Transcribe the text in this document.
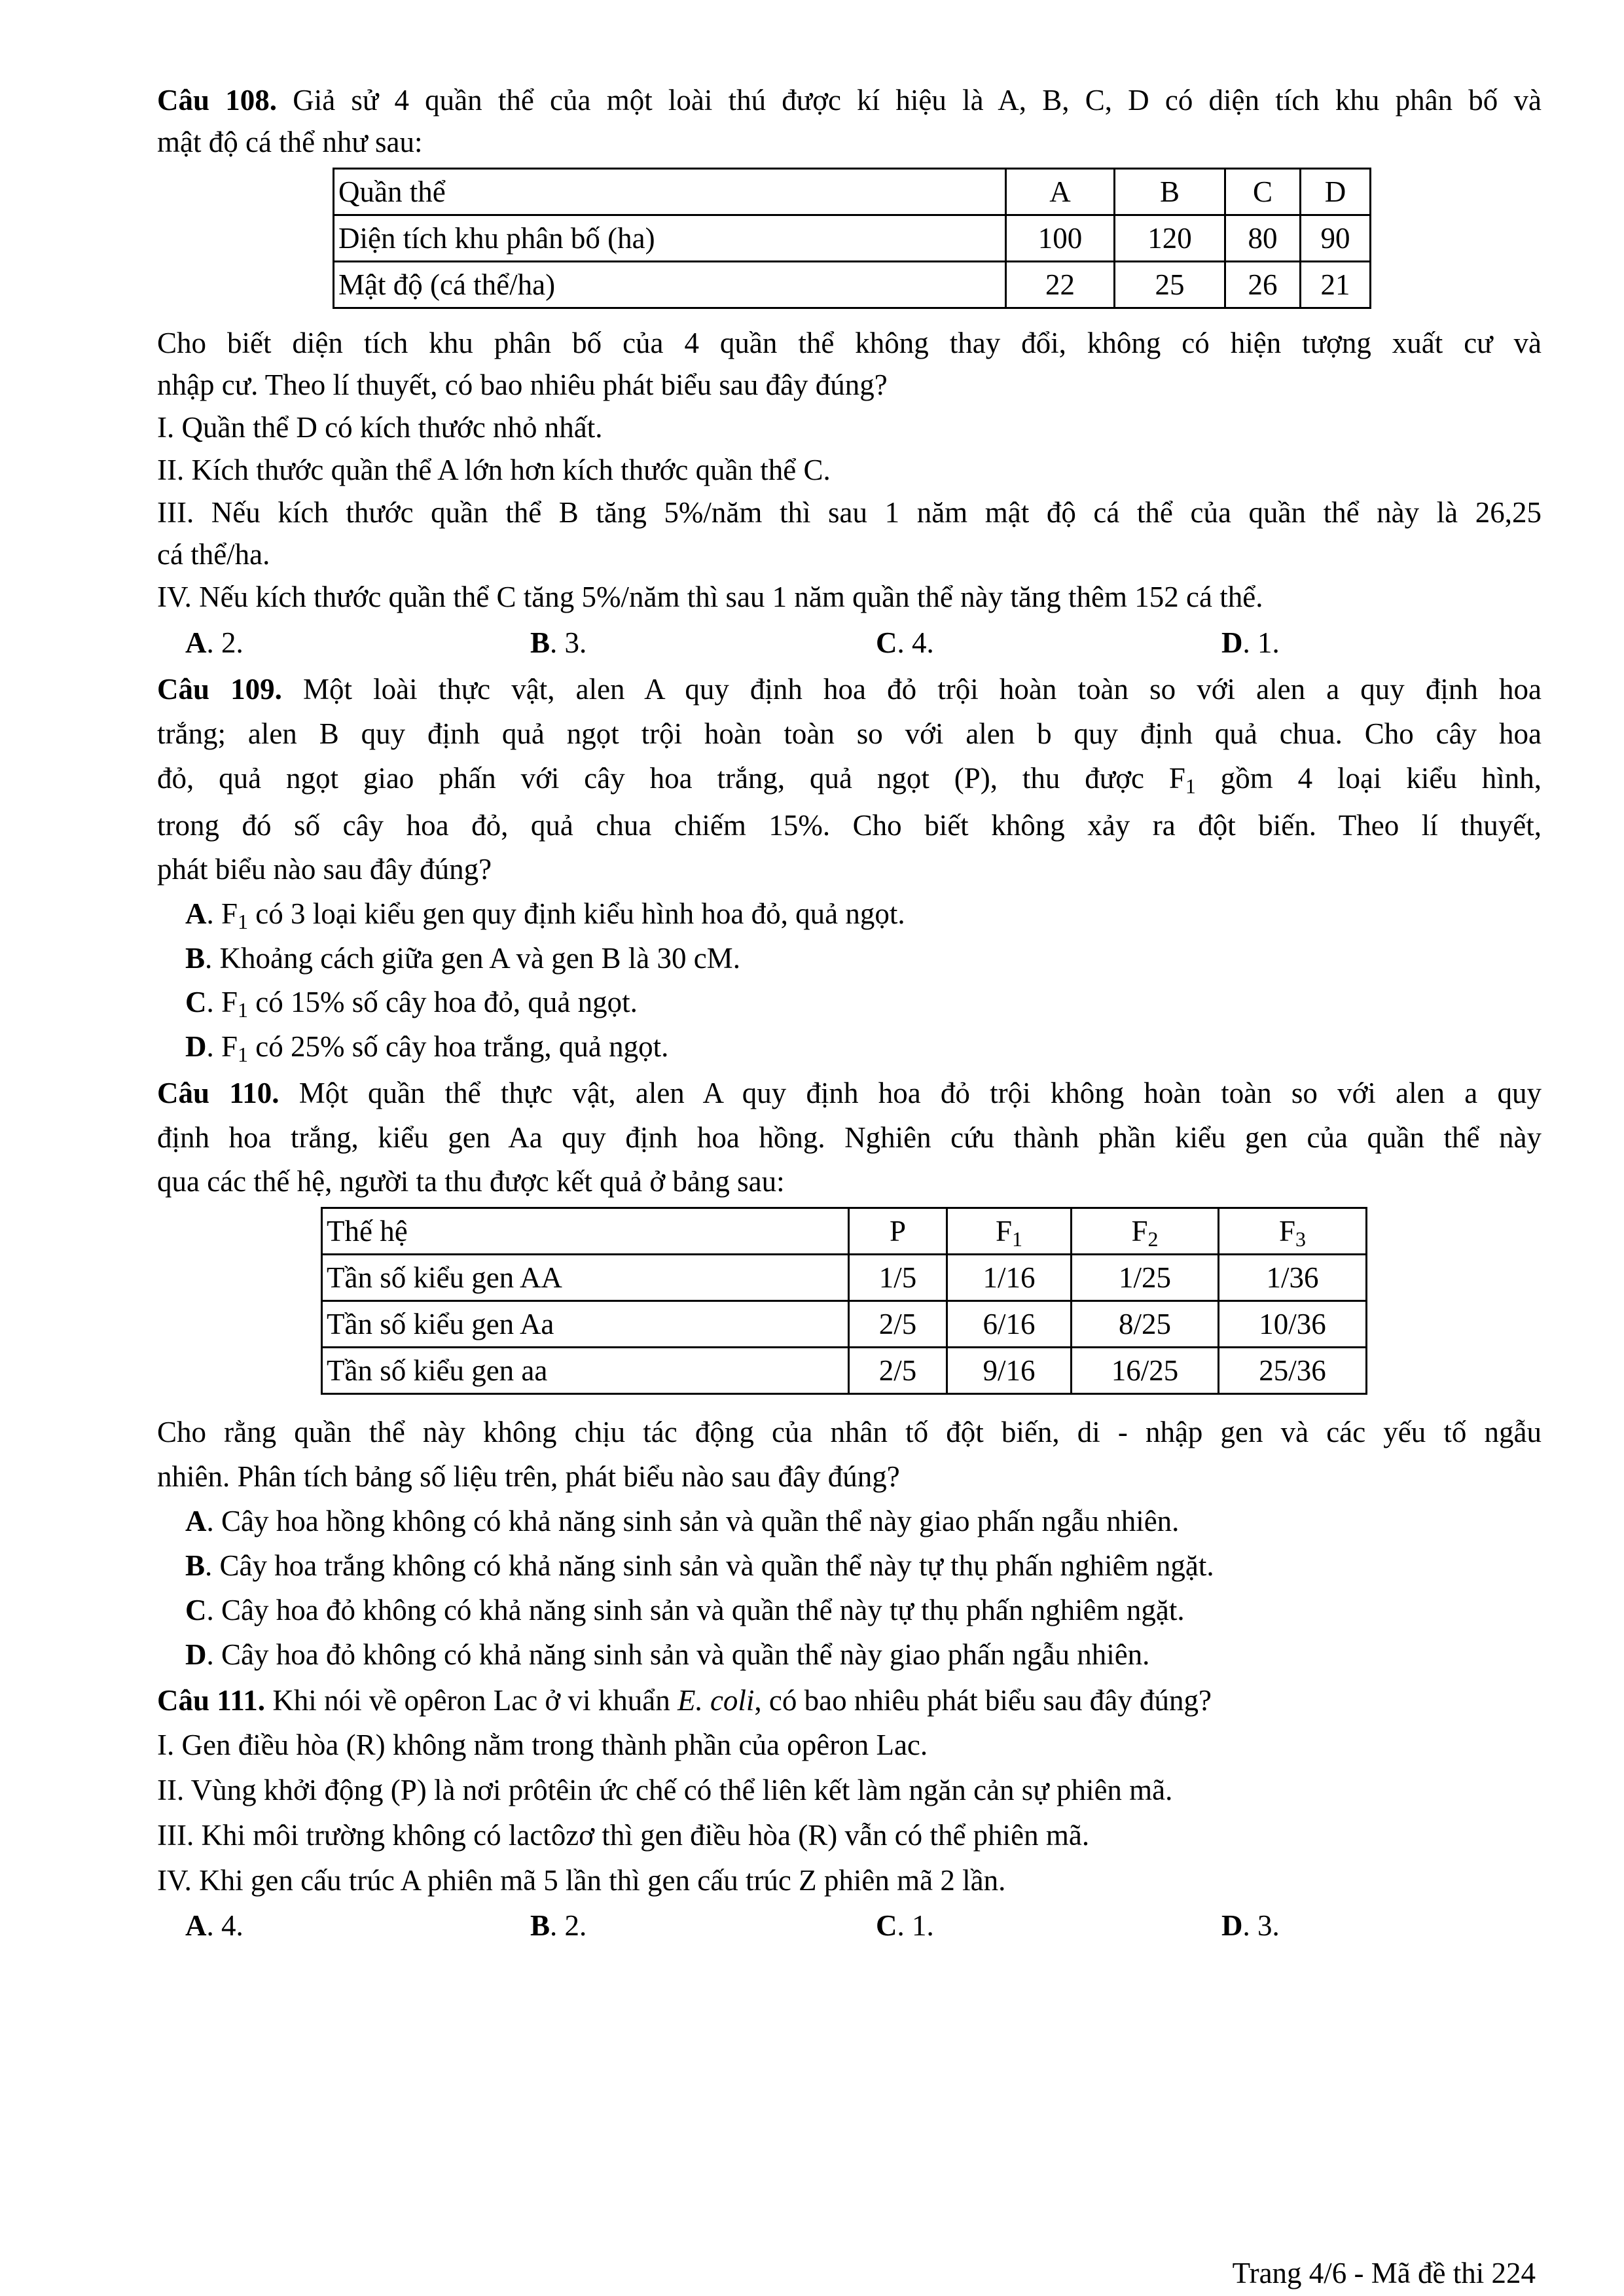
Câu 108. Giả sử 4 quần thể của một loài thú được kí hiệu là A, B, C, D có diện tích khu phân bố và
mật độ cá thể như sau:
Quần thể	A	B	C	D
Diện tích khu phân bố (ha)	100	120	80	90
Mật độ (cá thể/ha)	22	25	26	21
Cho biết diện tích khu phân bố của 4 quần thể không thay đổi, không có hiện tượng xuất cư và
nhập cư. Theo lí thuyết, có bao nhiêu phát biểu sau đây đúng?
I. Quần thể D có kích thước nhỏ nhất.
II. Kích thước quần thể A lớn hơn kích thước quần thể C.
III. Nếu kích thước quần thể B tăng 5%/năm thì sau 1 năm mật độ cá thể của quần thể này là 26,25
cá thể/ha.
IV. Nếu kích thước quần thể C tăng 5%/năm thì sau 1 năm quần thể này tăng thêm 152 cá thể.
A. 2.	B. 3.	C. 4.	D. 1.
Câu 109. Một loài thực vật, alen A quy định hoa đỏ trội hoàn toàn so với alen a quy định hoa
trắng; alen B quy định quả ngọt trội hoàn toàn so với alen b quy định quả chua. Cho cây hoa
đỏ, quả ngọt giao phấn với cây hoa trắng, quả ngọt (P), thu được $F_1$ gồm 4 loại kiểu hình,
trong đó số cây hoa đỏ, quả chua chiếm 15%. Cho biết không xảy ra đột biến. Theo lí thuyết,
phát biểu nào sau đây đúng?
A. $F_1$ có 3 loại kiểu gen quy định kiểu hình hoa đỏ, quả ngọt.
B. Khoảng cách giữa gen A và gen B là 30 cM.
C. $F_1$ có 15% số cây hoa đỏ, quả ngọt.
D. $F_1$ có 25% số cây hoa trắng, quả ngọt.
Câu 110. Một quần thể thực vật, alen A quy định hoa đỏ trội không hoàn toàn so với alen a quy
định hoa trắng, kiểu gen Aa quy định hoa hồng. Nghiên cứu thành phần kiểu gen của quần thể này
qua các thế hệ, người ta thu được kết quả ở bảng sau:
Thế hệ	P	$F_1$	$F_2$	$F_3$
Tần số kiểu gen AA	1/5	1/16	1/25	1/36
Tần số kiểu gen Aa	2/5	6/16	8/25	10/36
Tần số kiểu gen aa	2/5	9/16	16/25	25/36
Cho rằng quần thể này không chịu tác động của nhân tố đột biến, di - nhập gen và các yếu tố ngẫu
nhiên. Phân tích bảng số liệu trên, phát biểu nào sau đây đúng?
A. Cây hoa hồng không có khả năng sinh sản và quần thể này giao phấn ngẫu nhiên.
B. Cây hoa trắng không có khả năng sinh sản và quần thể này tự thụ phấn nghiêm ngặt.
C. Cây hoa đỏ không có khả năng sinh sản và quần thể này tự thụ phấn nghiêm ngặt.
D. Cây hoa đỏ không có khả năng sinh sản và quần thể này giao phấn ngẫu nhiên.
Câu 111. Khi nói về opêron Lac ở vi khuẩn E. coli, có bao nhiêu phát biểu sau đây đúng?
I. Gen điều hòa (R) không nằm trong thành phần của opêron Lac.
II. Vùng khởi động (P) là nơi prôtêin ức chế có thể liên kết làm ngăn cản sự phiên mã.
III. Khi môi trường không có lactôzơ thì gen điều hòa (R) vẫn có thể phiên mã.
IV. Khi gen cấu trúc A phiên mã 5 lần thì gen cấu trúc Z phiên mã 2 lần.
A. 4.	B. 2.	C. 1.	D. 3.
Trang 4/6 - Mã đề thi 224
